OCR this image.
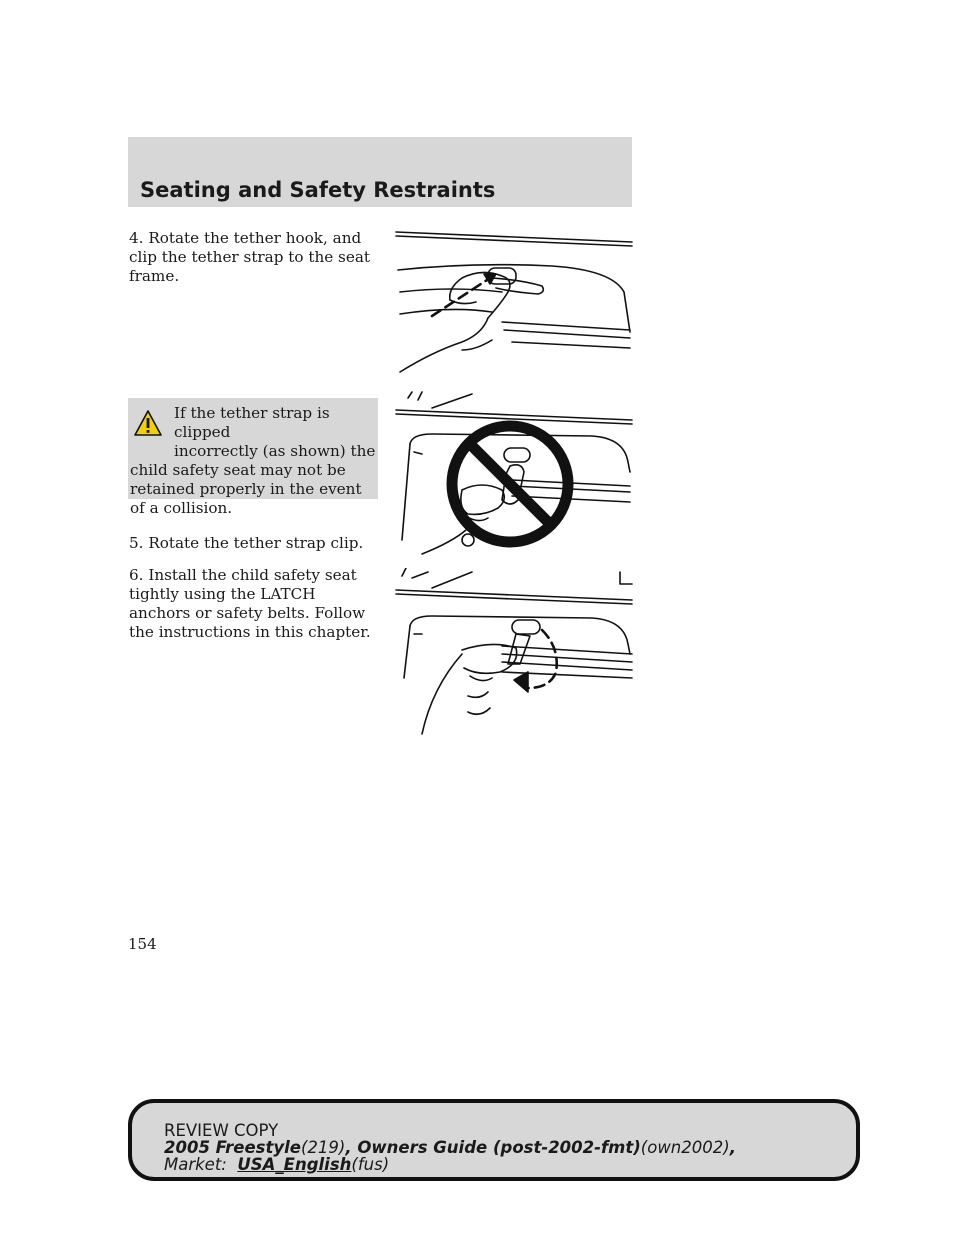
Seating and Safety Restraints
4. Rotate the tether hook, and clip the tether strap to the seat frame.
If the tether strap is clipped
incorrectly (as shown) the
child safety seat may not be retained properly in the event of a collision.
5. Rotate the tether strap clip.
6. Install the child safety seat tightly using the LATCH anchors or safety belts. Follow the instructions in this chapter.
154
REVIEW COPY
2005 Freestyle(219), Owners Guide (post-2002-fmt)(own2002),
Market: USA_English(fus)
